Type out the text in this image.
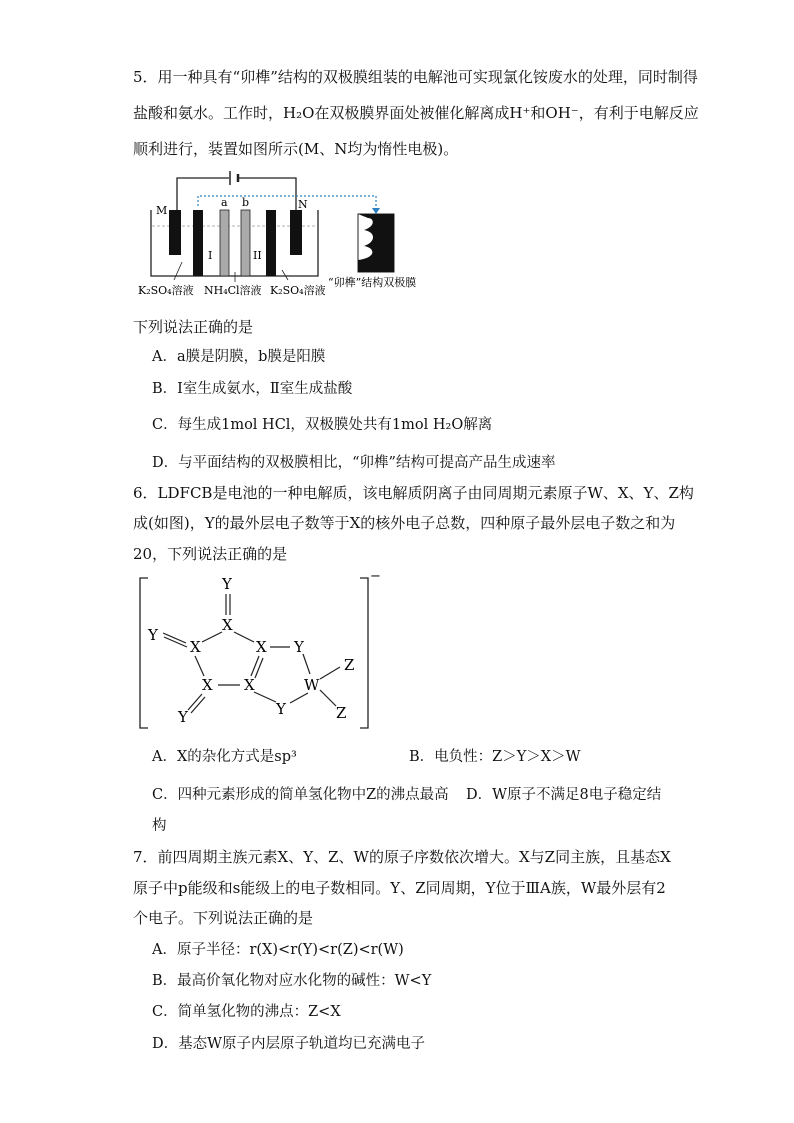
5．用一种具有“卯榫”结构的双极膜组装的电解池可实现氯化铵废水的处理，同时制得
盐酸和氨水。工作时，H₂O在双极膜界面处被催化解离成H⁺和OH⁻，有利于电解反应
顺利进行，装置如图所示(M、N均为惰性电极)。
M	N
a b
I	II
K₂SO₄溶液 NH₄Cl溶液 K₂SO₄溶液
“卯榫”结构双极膜
下列说法正确的是
A．a膜是阴膜，b膜是阳膜
B．Ⅰ室生成氨水，Ⅱ室生成盐酸
C．每生成1mol HCl，双极膜处共有1mol H₂O解离
D．与平面结构的双极膜相比，“卯榫”结构可提高产品生成速率
6．LDFCB是电池的一种电解质，该电解质阴离子由同周期元素原子W、X、Y、Z构
成(如图)，Y的最外层电子数等于X的核外电子总数，四种原子最外层电子数之和为
20，下列说法正确的是
−
Y
X
Y
X	X Y
Z
X X	W
Y
Y	Z
A．X的杂化方式是sp³	B．电负性：Z＞Y＞X＞W
C．四种元素形成的简单氢化物中Z的沸点最高 D．W原子不满足8电子稳定结
构
7．前四周期主族元素X、Y、Z、W的原子序数依次增大。X与Z同主族，且基态X
原子中p能级和s能级上的电子数相同。Y、Z同周期，Y位于ⅢA族，W最外层有2
个电子。下列说法正确的是
A．原子半径：r(X)<r(Y)<r(Z)<r(W)
B．最高价氧化物对应水化物的碱性：W<Y
C．简单氢化物的沸点：Z<X
D．基态W原子内层原子轨道均已充满电子
